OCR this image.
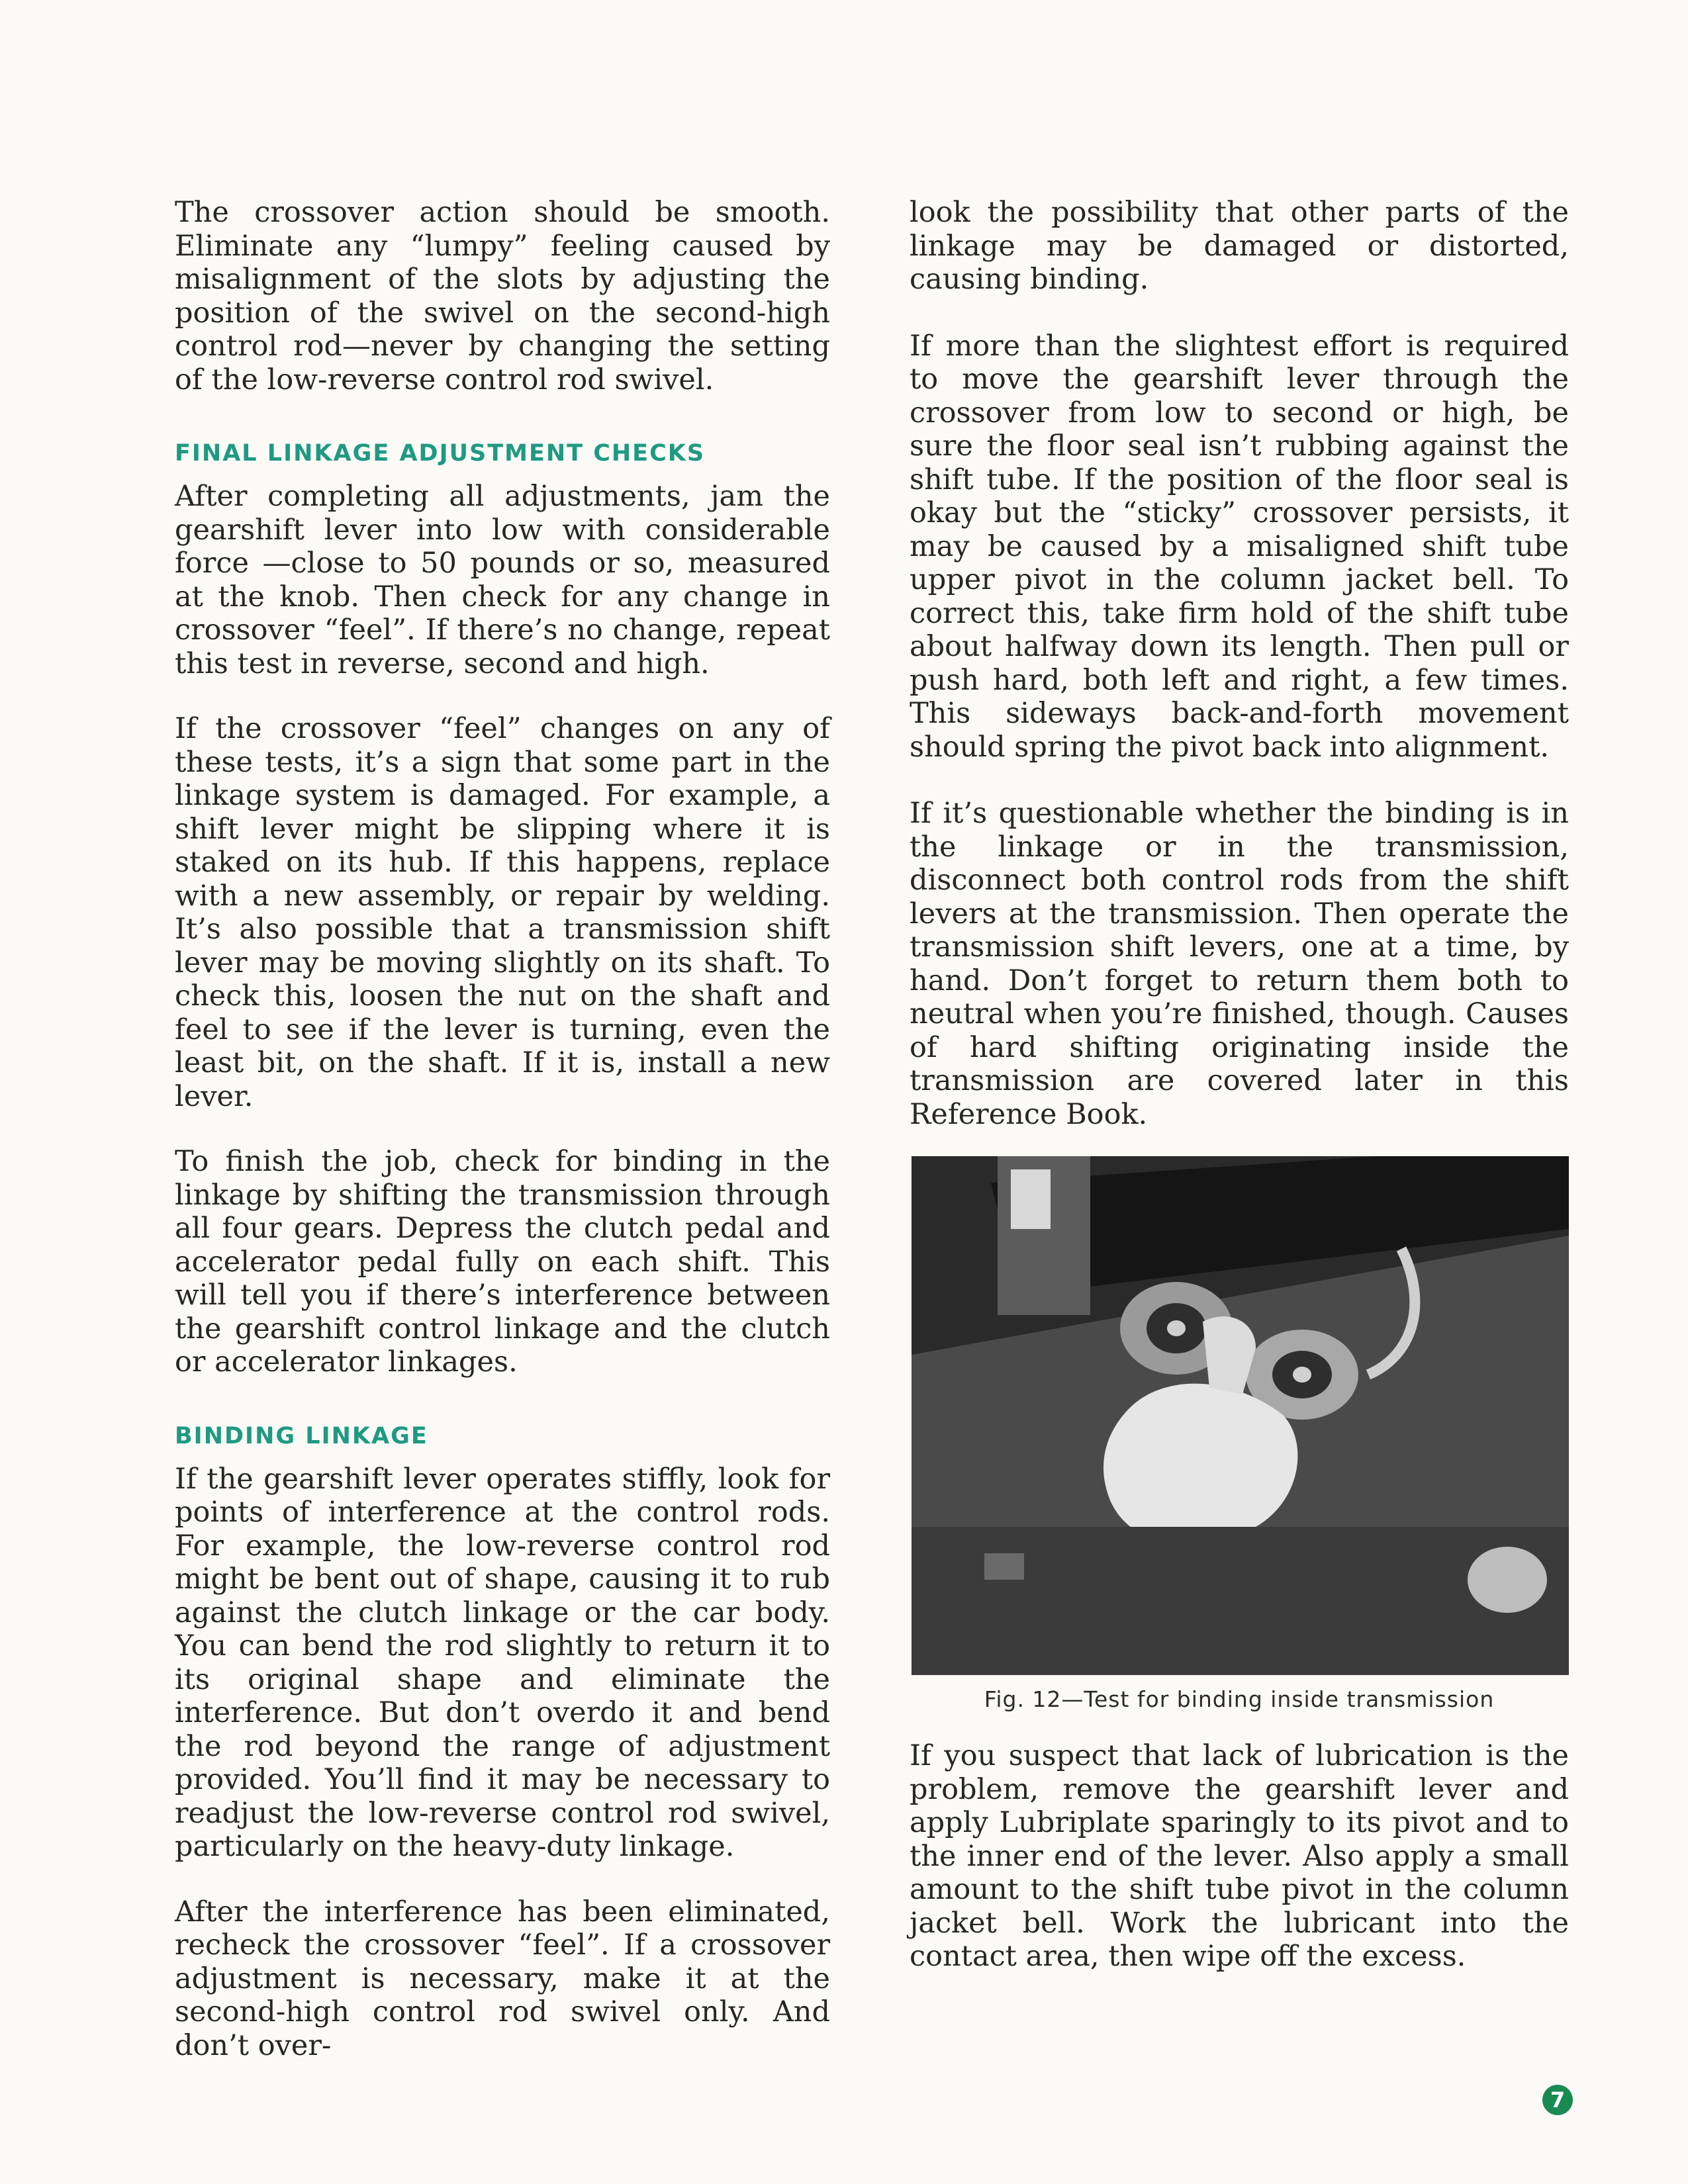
The crossover action should be smooth. Eliminate any “lumpy” feeling caused by misalignment of the slots by adjusting the position of the swivel on the second-high control rod—never by changing the setting of the low-reverse control rod swivel.

FINAL LINKAGE ADJUSTMENT CHECKS

After completing all adjustments, jam the gearshift lever into low with considerable force —close to 50 pounds or so, measured at the knob. Then check for any change in crossover “feel”. If there’s no change, repeat this test in reverse, second and high.

If the crossover “feel” changes on any of these tests, it’s a sign that some part in the linkage system is damaged. For example, a shift lever might be slipping where it is staked on its hub. If this happens, replace with a new assembly, or repair by welding. It’s also possible that a transmission shift lever may be moving slightly on its shaft. To check this, loosen the nut on the shaft and feel to see if the lever is turning, even the least bit, on the shaft. If it is, install a new lever.

To finish the job, check for binding in the linkage by shifting the transmission through all four gears. Depress the clutch pedal and accelerator pedal fully on each shift. This will tell you if there’s interference between the gearshift control linkage and the clutch or accelerator linkages.

BINDING LINKAGE

If the gearshift lever operates stiffly, look for points of interference at the control rods. For example, the low-reverse control rod might be bent out of shape, causing it to rub against the clutch linkage or the car body. You can bend the rod slightly to return it to its original shape and eliminate the interference. But don’t overdo it and bend the rod beyond the range of adjustment provided. You’ll find it may be necessary to readjust the low-reverse control rod swivel, particularly on the heavy-duty linkage.

After the interference has been eliminated, recheck the crossover “feel”. If a crossover adjustment is necessary, make it at the second-high control rod swivel only. And don’t over-

look the possibility that other parts of the linkage may be damaged or distorted, causing binding.

If more than the slightest effort is required to move the gearshift lever through the crossover from low to second or high, be sure the floor seal isn’t rubbing against the shift tube. If the position of the floor seal is okay but the “sticky” crossover persists, it may be caused by a misaligned shift tube upper pivot in the column jacket bell. To correct this, take firm hold of the shift tube about halfway down its length. Then pull or push hard, both left and right, a few times. This sideways back-and-forth movement should spring the pivot back into alignment.

If it’s questionable whether the binding is in the linkage or in the transmission, disconnect both control rods from the shift levers at the transmission. Then operate the transmission shift levers, one at a time, by hand. Don’t forget to return them both to neutral when you’re finished, though. Causes of hard shifting originating inside the transmission are covered later in this Reference Book.

Fig. 12—Test for binding inside transmission

If you suspect that lack of lubrication is the problem, remove the gearshift lever and apply Lubriplate sparingly to its pivot and to the inner end of the lever. Also apply a small amount to the shift tube pivot in the column jacket bell. Work the lubricant into the contact area, then wipe off the excess.

7
